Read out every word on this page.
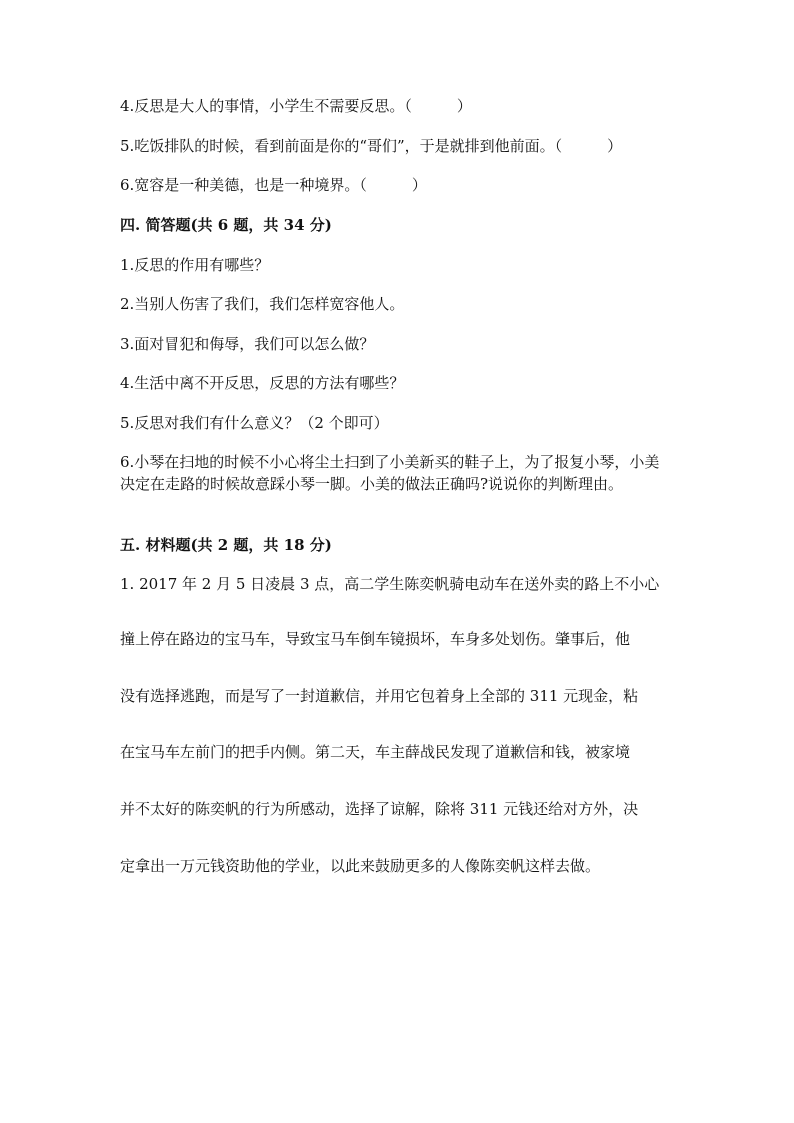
4.反思是大人的事情，小学生不需要反思。（　　　）
5.吃饭排队的时候，看到前面是你的“哥们”，于是就排到他前面。（　　　）
6.宽容是一种美德，也是一种境界。（　　　）
四. 简答题(共 6 题，共 34 分)
1.反思的作用有哪些？
2.当别人伤害了我们，我们怎样宽容他人。
3.面对冒犯和侮辱，我们可以怎么做？
4.生活中离不开反思，反思的方法有哪些？
5.反思对我们有什么意义？（2 个即可）
6.小琴在扫地的时候不小心将尘土扫到了小美新买的鞋子上，为了报复小琴，小美决定在走路的时候故意踩小琴一脚。小美的做法正确吗?说说你的判断理由。
五. 材料题(共 2 题，共 18 分)
1. 2017 年 2 月 5 日凌晨 3 点，高二学生陈奕帆骑电动车在送外卖的路上不小心
撞上停在路边的宝马车，导致宝马车倒车镜损坏，车身多处划伤。肇事后，他
没有选择逃跑，而是写了一封道歉信，并用它包着身上全部的 311 元现金，粘
在宝马车左前门的把手内侧。第二天，车主薛战民发现了道歉信和钱，被家境
并不太好的陈奕帆的行为所感动，选择了谅解，除将 311 元钱还给对方外，决
定拿出一万元钱资助他的学业，以此来鼓励更多的人像陈奕帆这样去做。
